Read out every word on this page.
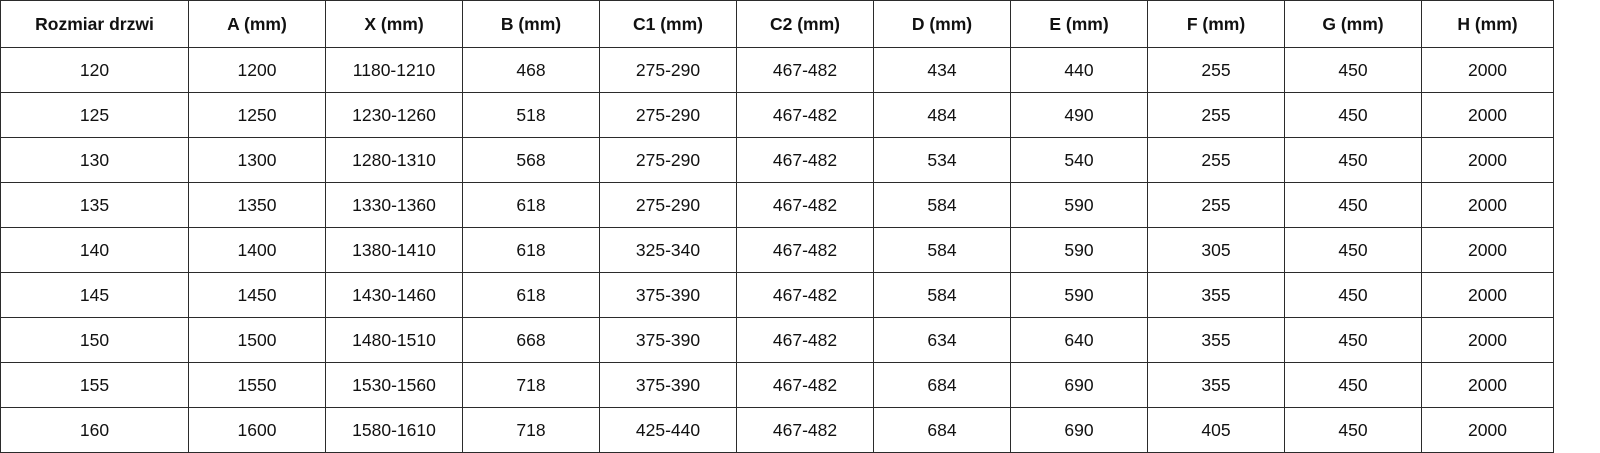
Rozmiar drzwi	A (mm)	X (mm)	B (mm)	C1 (mm)	C2 (mm)	D (mm)	E (mm)	F (mm)	G (mm)	H (mm)
120	1200	1180-1210	468	275-290	467-482	434	440	255	450	2000
125	1250	1230-1260	518	275-290	467-482	484	490	255	450	2000
130	1300	1280-1310	568	275-290	467-482	534	540	255	450	2000
135	1350	1330-1360	618	275-290	467-482	584	590	255	450	2000
140	1400	1380-1410	618	325-340	467-482	584	590	305	450	2000
145	1450	1430-1460	618	375-390	467-482	584	590	355	450	2000
150	1500	1480-1510	668	375-390	467-482	634	640	355	450	2000
155	1550	1530-1560	718	375-390	467-482	684	690	355	450	2000
160	1600	1580-1610	718	425-440	467-482	684	690	405	450	2000
